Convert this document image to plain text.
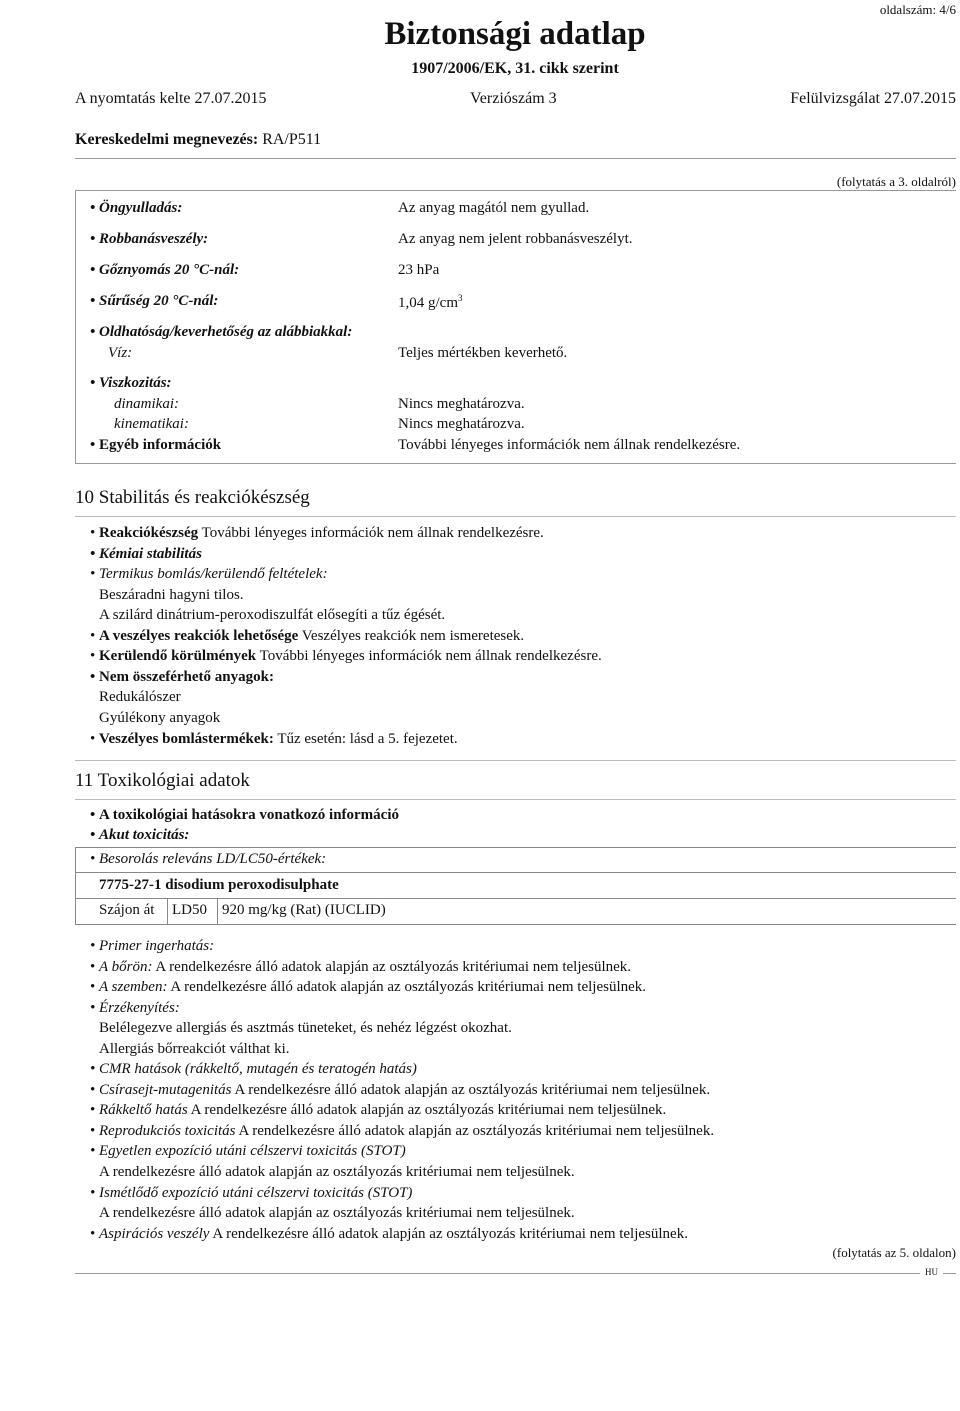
oldalszám: 4/6
Biztonsági adatlap
1907/2006/EK, 31. cikk szerint
A nyomtatás kelte 27.07.2015	Verziószám 3	Felülvizsgálat 27.07.2015
Kereskedelmi megnevezés: RA/P511
(folytatás a 3. oldalról)
• Öngyulladás:	Az anyag magától nem gyullad.
• Robbanásveszély:	Az anyag nem jelent robbanásveszélyt.
• Gőznyomás 20 °C-nál:	23 hPa
• Sűrűség 20 °C-nál:	1,04 $g/cm^3$
• Oldhatóság/keverhetőség az alábbiakkal:
Víz:	Teljes mértékben keverhető.
• Viszkozitás:
dinamikai:	Nincs meghatározva.
kinematikai:	Nincs meghatározva.
• Egyéb információk	További lényeges információk nem állnak rendelkezésre.
10 Stabilitás és reakciókészség
• Reakciókészség További lényeges információk nem állnak rendelkezésre.
• Kémiai stabilitás
• Termikus bomlás/kerülendő feltételek:
Beszáradni hagyni tilos.
A szilárd dinátrium-peroxodiszulfát elősegíti a tűz égését.
• A veszélyes reakciók lehetősége Veszélyes reakciók nem ismeretesek.
• Kerülendő körülmények További lényeges információk nem állnak rendelkezésre.
• Nem összeférhető anyagok:
Redukálószer
Gyúlékony anyagok
• Veszélyes bomlástermékek: Tűz esetén: lásd a 5. fejezetet.
11 Toxikológiai adatok
• A toxikológiai hatásokra vonatkozó információ
• Akut toxicitás:
• Besorolás releváns LD/LC50-értékek:
7775-27-1 disodium peroxodisulphate
Szájon át LD50 920 mg/kg (Rat) (IUCLID)
• Primer ingerhatás:
• A bőrön: A rendelkezésre álló adatok alapján az osztályozás kritériumai nem teljesülnek.
• A szemben: A rendelkezésre álló adatok alapján az osztályozás kritériumai nem teljesülnek.
• Érzékenyítés:
Belélegezve allergiás és asztmás tüneteket, és nehéz légzést okozhat.
Allergiás bőrreakciót válthat ki.
• CMR hatások (rákkeltő, mutagén és teratogén hatás)
• Csírasejt-mutagenitás A rendelkezésre álló adatok alapján az osztályozás kritériumai nem teljesülnek.
• Rákkeltő hatás A rendelkezésre álló adatok alapján az osztályozás kritériumai nem teljesülnek.
• Reprodukciós toxicitás A rendelkezésre álló adatok alapján az osztályozás kritériumai nem teljesülnek.
• Egyetlen expozíció utáni célszervi toxicitás (STOT)
A rendelkezésre álló adatok alapján az osztályozás kritériumai nem teljesülnek.
• Ismétlődő expozíció utáni célszervi toxicitás (STOT)
A rendelkezésre álló adatok alapján az osztályozás kritériumai nem teljesülnek.
• Aspirációs veszély A rendelkezésre álló adatok alapján az osztályozás kritériumai nem teljesülnek.
(folytatás az 5. oldalon)
HU
